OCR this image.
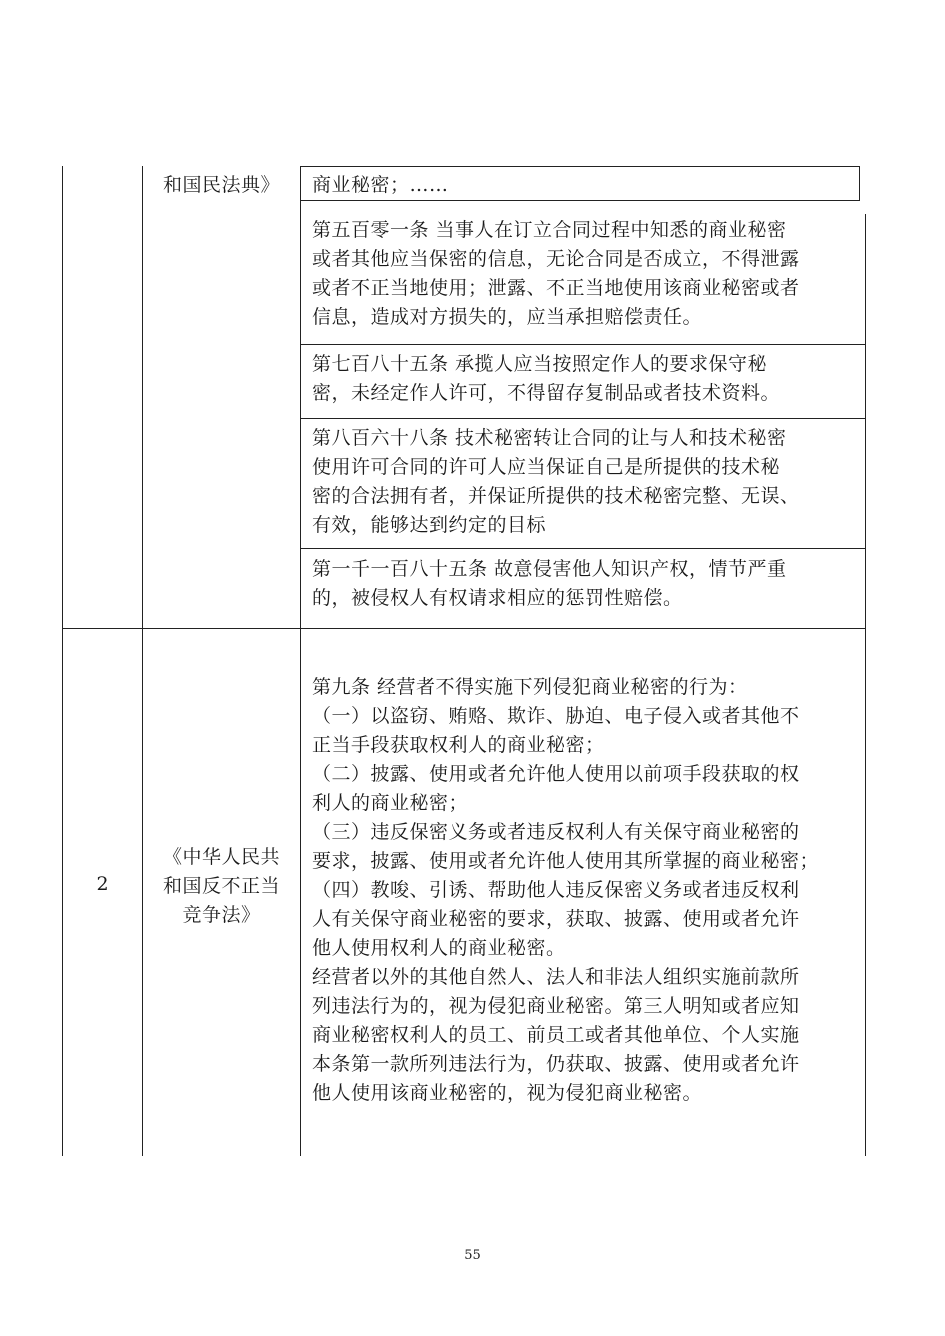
和国民法典》	商业秘密；……
第五百零一条 当事人在订立合同过程中知悉的商业秘密
或者其他应当保密的信息，无论合同是否成立，不得泄露
或者不正当地使用；泄露、不正当地使用该商业秘密或者
信息，造成对方损失的，应当承担赔偿责任。
第七百八十五条 承揽人应当按照定作人的要求保守秘
密，未经定作人许可，不得留存复制品或者技术资料。
第八百六十八条 技术秘密转让合同的让与人和技术秘密
使用许可合同的许可人应当保证自己是所提供的技术秘
密的合法拥有者，并保证所提供的技术秘密完整、无误、
有效，能够达到约定的目标
第一千一百八十五条 故意侵害他人知识产权，情节严重
的，被侵权人有权请求相应的惩罚性赔偿。
2
《中华人民共
和国反不正当
竞争法》
第九条 经营者不得实施下列侵犯商业秘密的行为：
（一）以盗窃、贿赂、欺诈、胁迫、电子侵入或者其他不
正当手段获取权利人的商业秘密；
（二）披露、使用或者允许他人使用以前项手段获取的权
利人的商业秘密；
（三）违反保密义务或者违反权利人有关保守商业秘密的
要求，披露、使用或者允许他人使用其所掌握的商业秘密；
（四）教唆、引诱、帮助他人违反保密义务或者违反权利
人有关保守商业秘密的要求，获取、披露、使用或者允许
他人使用权利人的商业秘密。
经营者以外的其他自然人、法人和非法人组织实施前款所
列违法行为的，视为侵犯商业秘密。第三人明知或者应知
商业秘密权利人的员工、前员工或者其他单位、个人实施
本条第一款所列违法行为，仍获取、披露、使用或者允许
他人使用该商业秘密的，视为侵犯商业秘密。
55
